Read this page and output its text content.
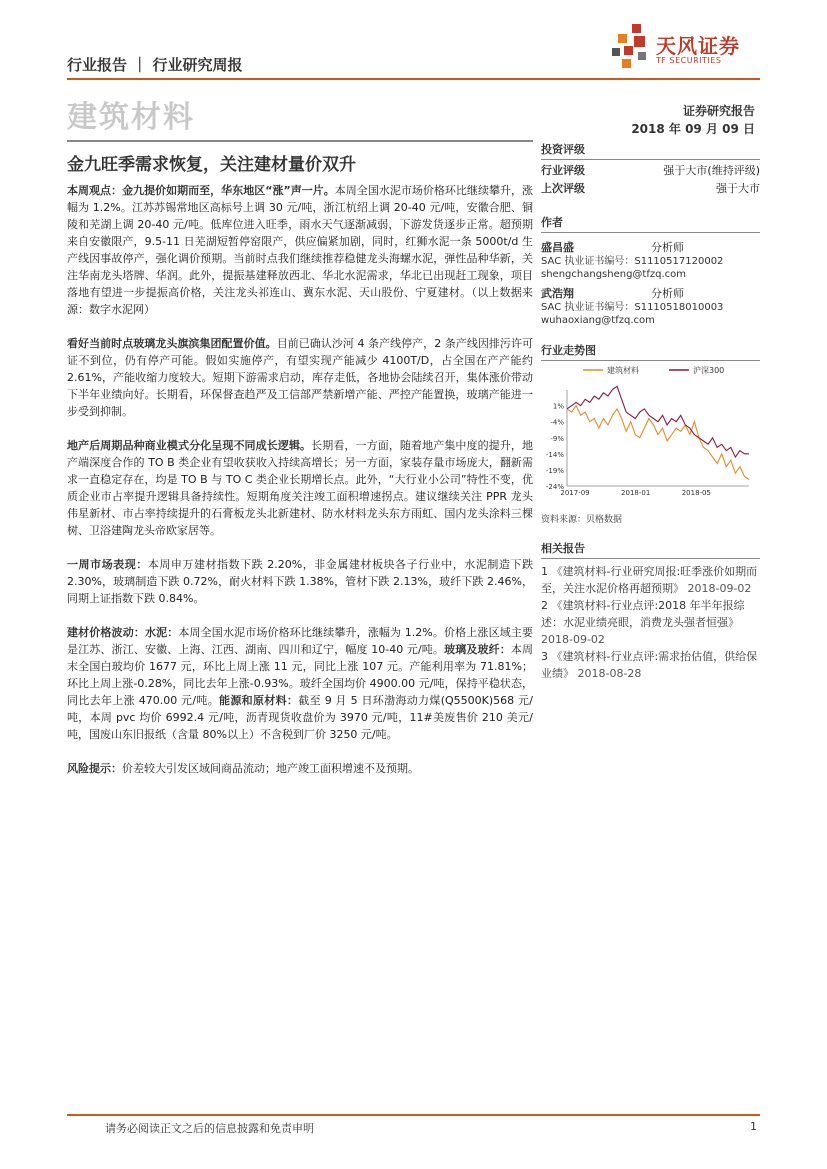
天风证券
TF SECURITIES
行业报告 ｜ 行业研究周报
建筑材料	证券研究报告
2018 年 09 月 09 日
金九旺季需求恢复，关注建材量价双升

本周观点：金九提价如期而至，华东地区“涨”声一片。本周全国水泥市场价格环比继续攀升，涨幅为 1.2%。江苏苏锡常地区高标号上调 30 元/吨，浙江杭绍上调 20-40 元/吨，安徽合肥、铜陵和芜湖上调 20-40 元/吨。低库位进入旺季，雨水天气逐渐减弱，下游发货逐步正常。超预期来自安徽限产，9.5-11 日芜湖短暂停窑限产，供应偏紧加剧，同时，红狮水泥一条 5000t/d 生产线因事故停产，强化调价预期。当前时点我们继续推荐稳健龙头海螺水泥，弹性品种华新，关注华南龙头塔牌、华润。此外，提振基建释放西北、华北水泥需求，华北已出现赶工现象，项目落地有望进一步提振高价格，关注龙头祁连山、冀东水泥、天山股份、宁夏建材。（以上数据来源：数字水泥网）

看好当前时点玻璃龙头旗滨集团配置价值。目前已确认沙河 4 条产线停产，2 条产线因排污许可证不到位，仍有停产可能。假如实施停产，有望实现产能减少 4100T/D，占全国在产产能约 2.61%，产能收缩力度较大。短期下游需求启动，库存走低，各地协会陆续召开，集体涨价带动下半年业绩向好。长期看，环保督查趋严及工信部严禁新增产能、严控产能置换，玻璃产能进一步受到抑制。

地产后周期品种商业模式分化呈现不同成长逻辑。长期看，一方面，随着地产集中度的提升，地产端深度合作的 TO B 类企业有望收获收入持续高增长；另一方面，家装存量市场庞大，翻新需求一直稳定存在，均是 TO B 与 TO C 类企业长期增长点。此外，“大行业小公司”特性不变，优质企业市占率提升逻辑具备持续性。短期角度关注竣工面积增速拐点。建议继续关注 PPR 龙头伟星新材、市占率持续提升的石膏板龙头北新建材、防水材料龙头东方雨虹、国内龙头涂料三棵树、卫浴建陶龙头帝欧家居等。

一周市场表现：本周申万建材指数下跌 2.20%，非金属建材板块各子行业中，水泥制造下跌 2.30%，玻璃制造下跌 0.72%，耐火材料下跌 1.38%，管材下跌 2.13%，玻纤下跌 2.46%，同期上证指数下跌 0.84%。

建材价格波动：水泥：本周全国水泥市场价格环比继续攀升，涨幅为 1.2%。价格上涨区域主要是江苏、浙江、安徽、上海、江西、湖南、四川和辽宁，幅度 10-40 元/吨。玻璃及玻纤：本周末全国白玻均价 1677 元，环比上周上涨 11 元，同比上涨 107 元。产能利用率为 71.81%；环比上周上涨-0.28%，同比去年上涨-0.93%。玻纤全国均价 4900.00 元/吨，保持平稳状态，同比去年上涨 470.00 元/吨。能源和原材料：截至 9 月 5 日环渤海动力煤(Q5500K)568 元/吨，本周 pvc 均价 6992.4 元/吨，沥青现货收盘价为 3970 元/吨，11#美废售价 210 美元/吨，国废山东旧报纸（含量 80%以上）不含税到厂价 3250 元/吨。

风险提示：价差较大引发区域间商品流动；地产竣工面积增速不及预期。

投资评级
行业评级	强于大市(维持评级)
上次评级	强于大市
作者
盛昌盛	分析师
SAC 执业证书编号：S1110517120002
shengchangsheng@tfzq.com
武浩翔	分析师
SAC 执业证书编号：S1110518010003
wuhaoxiang@tfzq.com
行业走势图
1%
-4%
-9%
-14%
-19%
-24%
2017-09	2018-01	2018-05
建筑材料	沪深300
资料来源：贝格数据
相关报告
1 《建筑材料-行业研究周报:旺季涨价如期而至，关注水泥价格再超预期》 2018-09-02
2 《建筑材料-行业点评:2018 年半年报综述：水泥业绩亮眼，消费龙头强者恒强》 2018-09-02
3 《建筑材料-行业点评:需求抬估值，供给保业绩》 2018-08-28
请务必阅读正文之后的信息披露和免责申明	1
